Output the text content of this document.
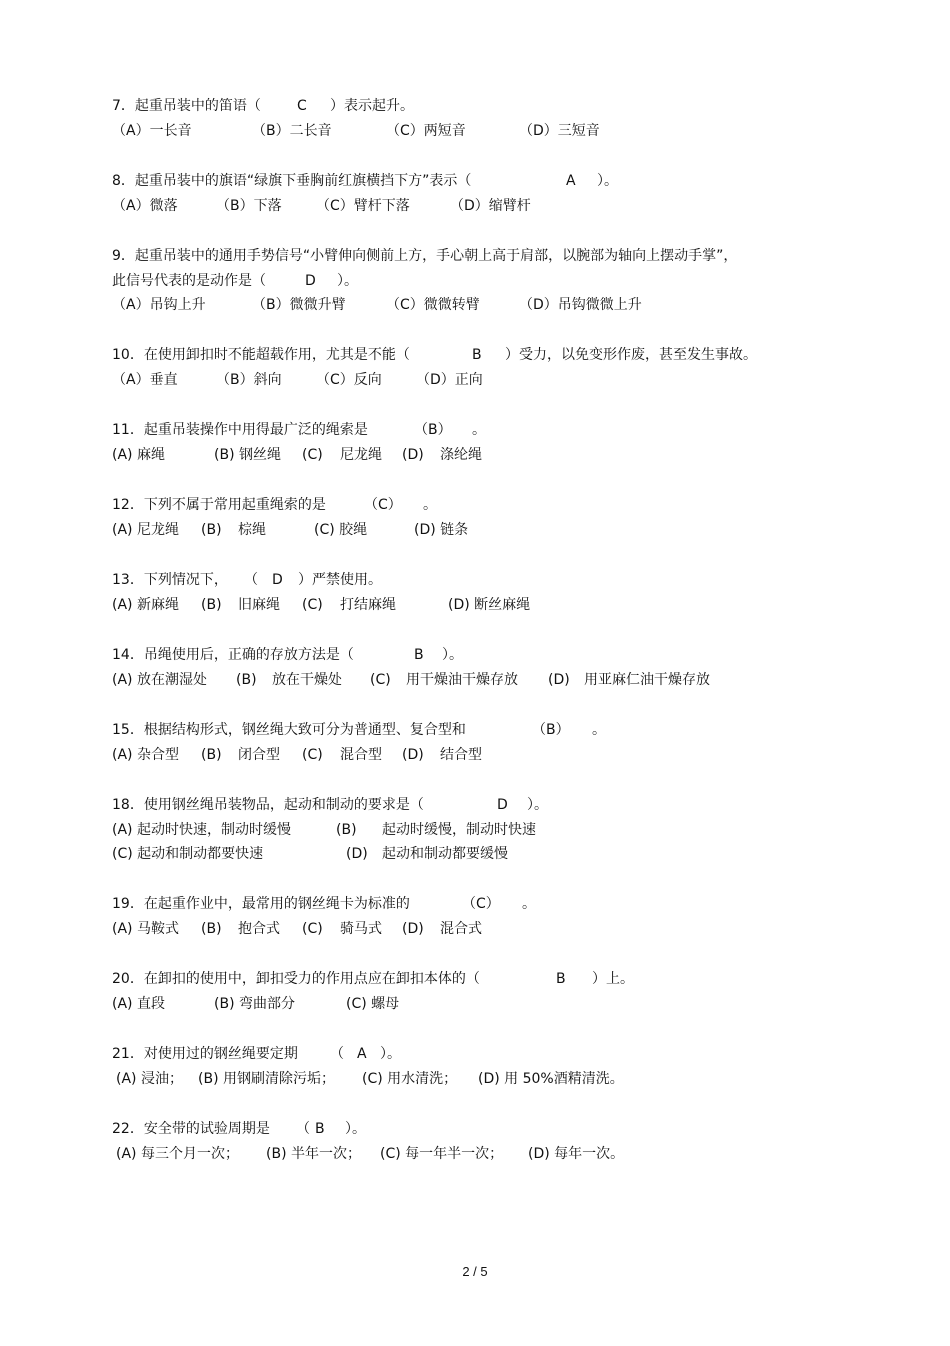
7．起重吊装中的笛语（	C ）表示起升。
（A）一长音	（B）二长音	（C）两短音	（D）三短音
8．起重吊装中的旗语“绿旗下垂胸前红旗横挡下方”表示（	A ）。
（A）微落	（B）下落 （C）臂杆下落	（D）缩臂杆
9．起重吊装中的通用手势信号“小臂伸向侧前上方，手心朝上高于肩部，以腕部为轴向上摆动手掌”，
此信号代表的是动作是（	D ）。
（A）吊钩上升	（B）微微升臂	（C）微微转臂	（D）吊钩微微上升
10．在使用卸扣时不能超载作用，尤其是不能（	B ）受力，以免变形作废，甚至发生事故。
（A）垂直	（B）斜向 （C）反向 （D）正向
11．起重吊装操作中用得最广泛的绳索是	（B） 。
(A) 麻绳	(B) 钢丝绳 (C) 尼龙绳 (D) 涤纶绳
12．下列不属于常用起重绳索的是	（C） 。
(A) 尼龙绳 (B) 棕绳	(C) 胶绳	(D) 链条
13．下列情况下， （ D ）严禁使用。
(A) 新麻绳 (B) 旧麻绳 (C) 打结麻绳	(D) 断丝麻绳
14．吊绳使用后，正确的存放方法是（	B ）。
(A) 放在潮湿处 (B) 放在干燥处 (C) 用干燥油干燥存放 (D) 用亚麻仁油干燥存放
15．根据结构形式，钢丝绳大致可分为普通型、复合型和	（B） 。
(A) 杂合型 (B) 闭合型 (C) 混合型 (D) 结合型
18．使用钢丝绳吊装物品，起动和制动的要求是（	D ）。
(A) 起动时快速，制动时缓慢	(B) 起动时缓慢，制动时快速
(C) 起动和制动都要快速	(D) 起动和制动都要缓慢
19．在起重作业中，最常用的钢丝绳卡为标准的	（C） 。
(A) 马鞍式 (B) 抱合式 (C) 骑马式 (D) 混合式
20．在卸扣的使用中，卸扣受力的作用点应在卸扣本体的（	B ）上。
(A) 直段	(B) 弯曲部分	(C) 螺母
21．对使用过的钢丝绳要定期 （ A ）。
(A) 浸油； (B) 用钢刷清除污垢； (C) 用水清洗； (D) 用 50%酒精清洗。
22．安全带的试验周期是 （ B ）。
(A) 每三个月一次； (B) 半年一次； (C) 每一年半一次； (D) 每年一次。
2 / 5
